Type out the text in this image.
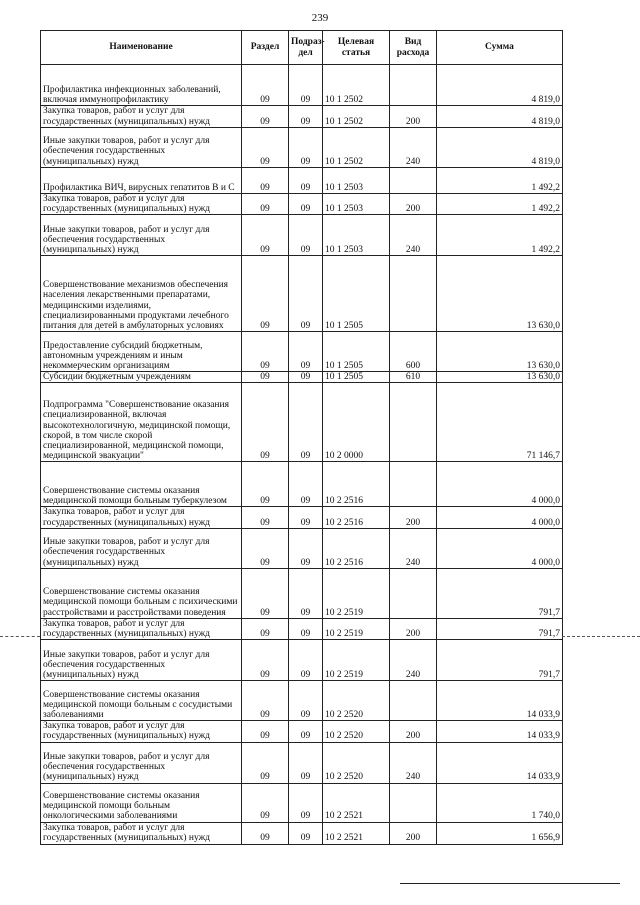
239
Наименование	Раздел	Подраз-дел	Целевая статья	Вид расхода	Сумма
Профилактика инфекционных заболеваний, включая иммунопрофилактику	09	09	10 1 2502		4 819,0
Закупка товаров, работ и услуг для государственных (муниципальных) нужд	09	09	10 1 2502	200	4 819,0
Иные закупки товаров, работ и услуг для обеспечения государственных (муниципальных) нужд	09	09	10 1 2502	240	4 819,0
Профилактика ВИЧ, вирусных гепатитов В и С	09	09	10 1 2503		1 492,2
Закупка товаров, работ и услуг для государственных (муниципальных) нужд	09	09	10 1 2503	200	1 492,2
Иные закупки товаров, работ и услуг для обеспечения государственных (муниципальных) нужд	09	09	10 1 2503	240	1 492,2
Совершенствование механизмов обеспечения населения лекарственными препаратами, медицинскими изделиями, специализированными продуктами лечебного питания для детей в амбулаторных условиях	09	09	10 1 2505		13 630,0
Предоставление субсидий бюджетным, автономным учреждениям и иным некоммерческим организациям	09	09	10 1 2505	600	13 630,0
Субсидии бюджетным учреждениям	09	09	10 1 2505	610	13 630,0
Подпрограмма "Совершенствование оказания специализированной, включая высокотехнологичную, медицинской помощи, скорой, в том числе скорой специализированной, медицинской помощи, медицинской эвакуации"	09	09	10 2 0000		71 146,7
Совершенствование системы оказания медицинской помощи больным туберкулезом	09	09	10 2 2516		4 000,0
Закупка товаров, работ и услуг для государственных (муниципальных) нужд	09	09	10 2 2516	200	4 000,0
Иные закупки товаров, работ и услуг для обеспечения государственных (муниципальных) нужд	09	09	10 2 2516	240	4 000,0
Совершенствование системы оказания медицинской помощи больным с психическими расстройствами и расстройствами поведения	09	09	10 2 2519		791,7
Закупка товаров, работ и услуг для государственных (муниципальных) нужд	09	09	10 2 2519	200	791,7
Иные закупки товаров, работ и услуг для обеспечения государственных (муниципальных) нужд	09	09	10 2 2519	240	791,7
Совершенствование системы оказания медицинской помощи больным с сосудистыми заболеваниями	09	09	10 2 2520		14 033,9
Закупка товаров, работ и услуг для государственных (муниципальных) нужд	09	09	10 2 2520	200	14 033,9
Иные закупки товаров, работ и услуг для обеспечения государственных (муниципальных) нужд	09	09	10 2 2520	240	14 033,9
Совершенствование системы оказания медицинской помощи больным онкологическими заболеваниями	09	09	10 2 2521		1 740,0
Закупка товаров, работ и услуг для государственных (муниципальных) нужд	09	09	10 2 2521	200	1 656,9
